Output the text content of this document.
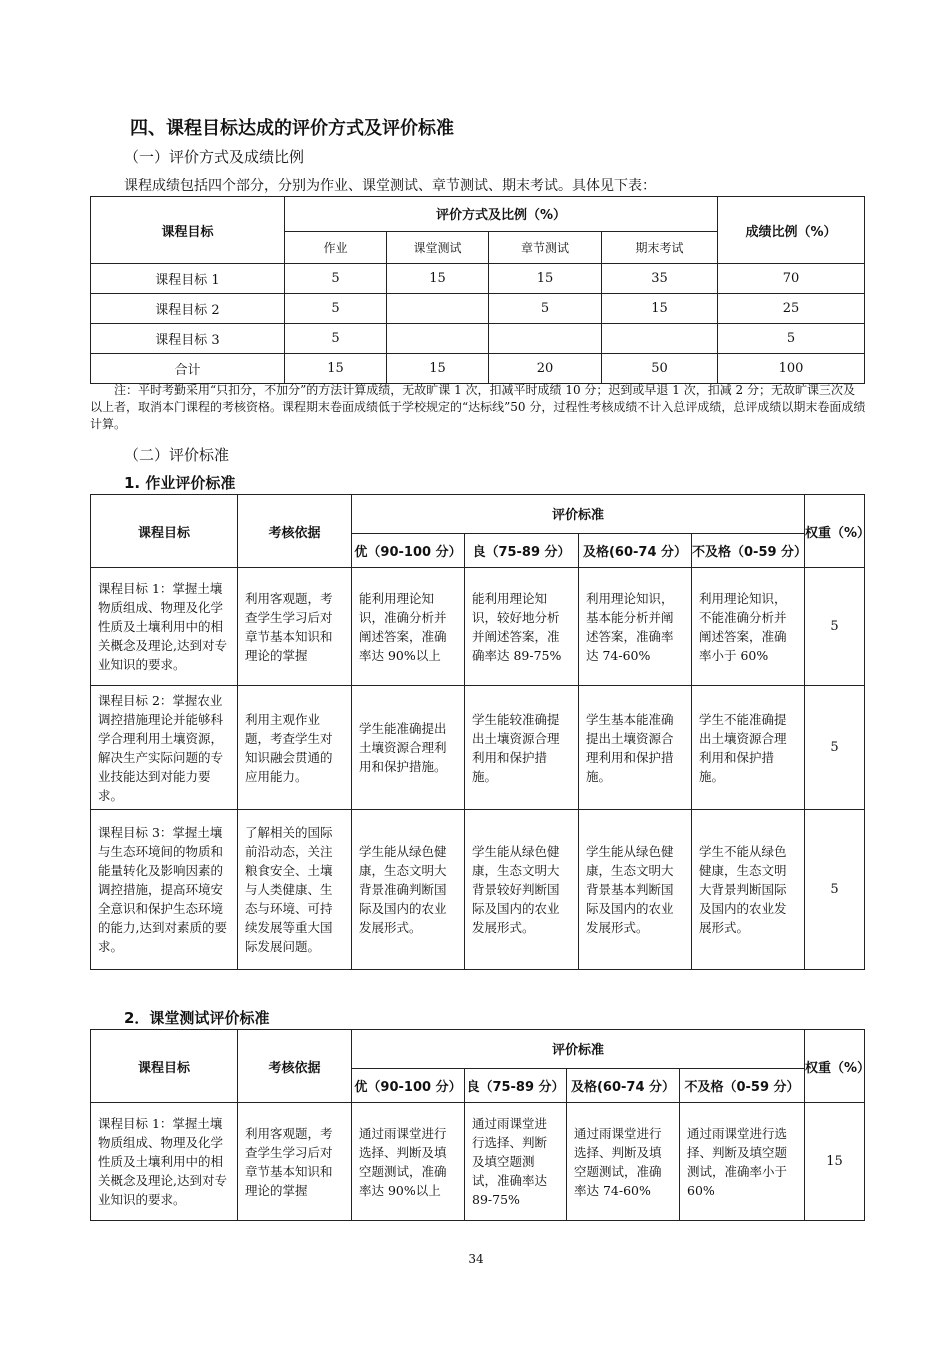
四、课程目标达成的评价方式及评价标准
（一）评价方式及成绩比例
课程成绩包括四个部分，分别为作业、课堂测试、章节测试、期末考试。具体见下表：
课程目标	评价方式及比例（%）				成绩比例（%）
	作业	课堂测试	章节测试	期末考试	
课程目标 1	5	15	15	35	70
课程目标 2	5		5	15	25
课程目标 3	5				5
合计	15	15	20	50	100
注：平时考勤采用“只扣分，不加分”的方法计算成绩，无故旷课 1 次，扣减平时成绩 10 分；迟到或早退 1 次，扣减 2 分；无故旷课三次及以上者，取消本门课程的考核资格。课程期末卷面成绩低于学校规定的“达标线”50 分，过程性考核成绩不计入总评成绩，总评成绩以期末卷面成绩计算。
（二）评价标准
1. 作业评价标准
课程目标	考核依据	评价标准				权重（%）
		优（90-100 分）	良（75-89 分）	及格(60-74 分）	不及格（0-59 分）	
课程目标 1：掌握土壤物质组成、物理及化学性质及土壤利用中的相关概念及理论,达到对专业知识的要求。	利用客观题，考查学生学习后对章节基本知识和理论的掌握	能利用理论知识，准确分析并阐述答案，准确率达 90%以上	能利用理论知识，较好地分析并阐述答案，准确率达 89-75%	利用理论知识，基本能分析并阐述答案，准确率达 74-60%	利用理论知识，不能准确分析并阐述答案，准确率小于 60%	5
课程目标 2：掌握农业调控措施理论并能够科学合理利用土壤资源，解决生产实际问题的专业技能达到对能力要求。	利用主观作业题，考查学生对知识融会贯通的应用能力。	学生能准确提出土壤资源合理利用和保护措施。	学生能较准确提出土壤资源合理利用和保护措施。	学生基本能准确提出土壤资源合理利用和保护措施。	学生不能准确提出土壤资源合理利用和保护措施。	5
课程目标 3：掌握土壤与生态环境间的物质和能量转化及影响因素的调控措施，提高环境安全意识和保护生态环境的能力,达到对素质的要求。	了解相关的国际前沿动态，关注粮食安全、土壤与人类健康、生态与环境、可持续发展等重大国际发展问题。	学生能从绿色健康，生态文明大背景准确判断国际及国内的农业发展形式。	学生能从绿色健康，生态文明大背景较好判断国际及国内的农业发展形式。	学生能从绿色健康，生态文明大背景基本判断国际及国内的农业发展形式。	学生不能从绿色健康，生态文明大背景判断国际及国内的农业发展形式。	5
2．课堂测试评价标准
课程目标	考核依据	评价标准				权重（%）
		优（90-100 分）	良（75-89 分）	及格(60-74 分）	不及格（0-59 分）	
课程目标 1：掌握土壤物质组成、物理及化学性质及土壤利用中的相关概念及理论,达到对专业知识的要求。	利用客观题，考查学生学习后对章节基本知识和理论的掌握	通过雨课堂进行选择、判断及填空题测试，准确率达 90%以上	通过雨课堂进行选择、判断及填空题测试，准确率达 89-75%	通过雨课堂进行选择、判断及填空题测试，准确率达 74-60%	通过雨课堂进行选择、判断及填空题测试，准确率小于 60%	15
34
